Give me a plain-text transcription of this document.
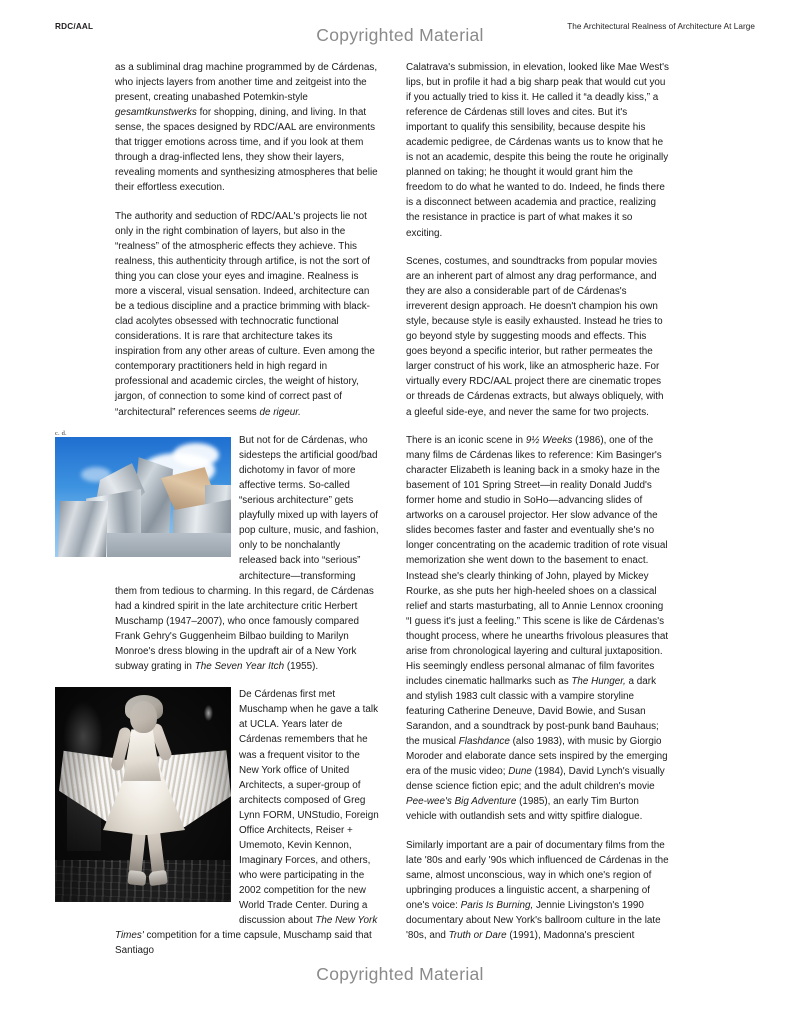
RDC/AAL	The Architectural Realness of Architecture At Large
Copyrighted Material
Copyrighted Material

as a subliminal drag machine programmed by de Cárdenas, who injects layers from another time and zeitgeist into the present, creating unabashed Potemkin-style gesamtkunstwerks for shopping, dining, and living. In that sense, the spaces designed by RDC/AAL are environments that trigger emotions across time, and if you look at them through a drag-inflected lens, they show their layers, revealing moments and synthesizing atmospheres that belie their effortless execution.

The authority and seduction of RDC/AAL's projects lie not only in the right combination of layers, but also in the “realness” of the atmospheric effects they achieve. This realness, this authenticity through artifice, is not the sort of thing you can close your eyes and imagine. Realness is more a visceral, visual sensation. Indeed, architecture can be a tedious discipline and a practice brimming with black-clad acolytes obsessed with technocratic functional considerations. It is rare that architecture takes its inspiration from any other areas of culture. Even among the contemporary practitioners held in high regard in professional and academic circles, the weight of history, jargon, of connection to some kind of correct past of “architectural” references seems de rigeur.

c. d.

But not for de Cárdenas, who sidesteps the artificial good/bad dichotomy in favor of more affective terms. So-called “serious architecture” gets playfully mixed up with layers of pop culture, music, and fashion, only to be nonchalantly released back into “serious” architecture—transforming them from tedious to charming. In this regard, de Cárdenas had a kindred spirit in the late architecture critic Herbert Muschamp (1947–2007), who once famously compared Frank Gehry's Guggenheim Bilbao building to Marilyn Monroe's dress blowing in the updraft air of a New York subway grating in The Seven Year Itch (1955).

De Cárdenas first met Muschamp when he gave a talk at UCLA. Years later de Cárdenas remembers that he was a frequent visitor to the New York office of United Architects, a super-group of architects composed of Greg Lynn FORM, UNStudio, Foreign Office Architects, Reiser + Umemoto, Kevin Kennon, Imaginary Forces, and others, who were participating in the 2002 competition for the new World Trade Center. During a discussion about The New York Times' competition for a time capsule, Muschamp said that Santiago

Calatrava's submission, in elevation, looked like Mae West's lips, but in profile it had a big sharp peak that would cut you if you actually tried to kiss it. He called it “a deadly kiss,” a reference de Cárdenas still loves and cites. But it's important to qualify this sensibility, because despite his academic pedigree, de Cárdenas wants us to know that he is not an academic, despite this being the route he originally planned on taking; he thought it would grant him the freedom to do what he wanted to do. Indeed, he finds there is a disconnect between academia and practice, realizing the resistance in practice is part of what makes it so exciting.

Scenes, costumes, and soundtracks from popular movies are an inherent part of almost any drag performance, and they are also a considerable part of de Cárdenas's irreverent design approach. He doesn't champion his own style, because style is easily exhausted. Instead he tries to go beyond style by suggesting moods and effects. This goes beyond a specific interior, but rather permeates the larger construct of his work, like an atmospheric haze. For virtually every RDC/AAL project there are cinematic tropes or threads de Cárdenas extracts, but always obliquely, with a gleeful side-eye, and never the same for two projects.

There is an iconic scene in 9½ Weeks (1986), one of the many films de Cárdenas likes to reference: Kim Basinger's character Elizabeth is leaning back in a smoky haze in the basement of 101 Spring Street—in reality Donald Judd's former home and studio in SoHo—advancing slides of artworks on a carousel projector. Her slow advance of the slides becomes faster and faster and eventually she's no longer concentrating on the academic tradition of rote visual memorization she went down to the basement to enact. Instead she's clearly thinking of John, played by Mickey Rourke, as she puts her high-heeled shoes on a classical relief and starts masturbating, all to Annie Lennox crooning “I guess it's just a feeling.” This scene is like de Cárdenas's thought process, where he unearths frivolous pleasures that arise from chronological layering and cultural juxtaposition. His seemingly endless personal almanac of film favorites includes cinematic hallmarks such as The Hunger, a dark and stylish 1983 cult classic with a vampire storyline featuring Catherine Deneuve, David Bowie, and Susan Sarandon, and a soundtrack by post-punk band Bauhaus; the musical Flashdance (also 1983), with music by Giorgio Moroder and elaborate dance sets inspired by the emerging era of the music video; Dune (1984), David Lynch's visually dense science fiction epic; and the adult children's movie Pee-wee's Big Adventure (1985), an early Tim Burton vehicle with outlandish sets and witty spitfire dialogue.

Similarly important are a pair of documentary films from the late '80s and early '90s which influenced de Cárdenas in the same, almost unconscious, way in which one's region of upbringing produces a linguistic accent, a sharpening of one's voice: Paris Is Burning, Jennie Livingston's 1990 documentary about New York's ballroom culture in the late '80s, and Truth or Dare (1991), Madonna's prescient
